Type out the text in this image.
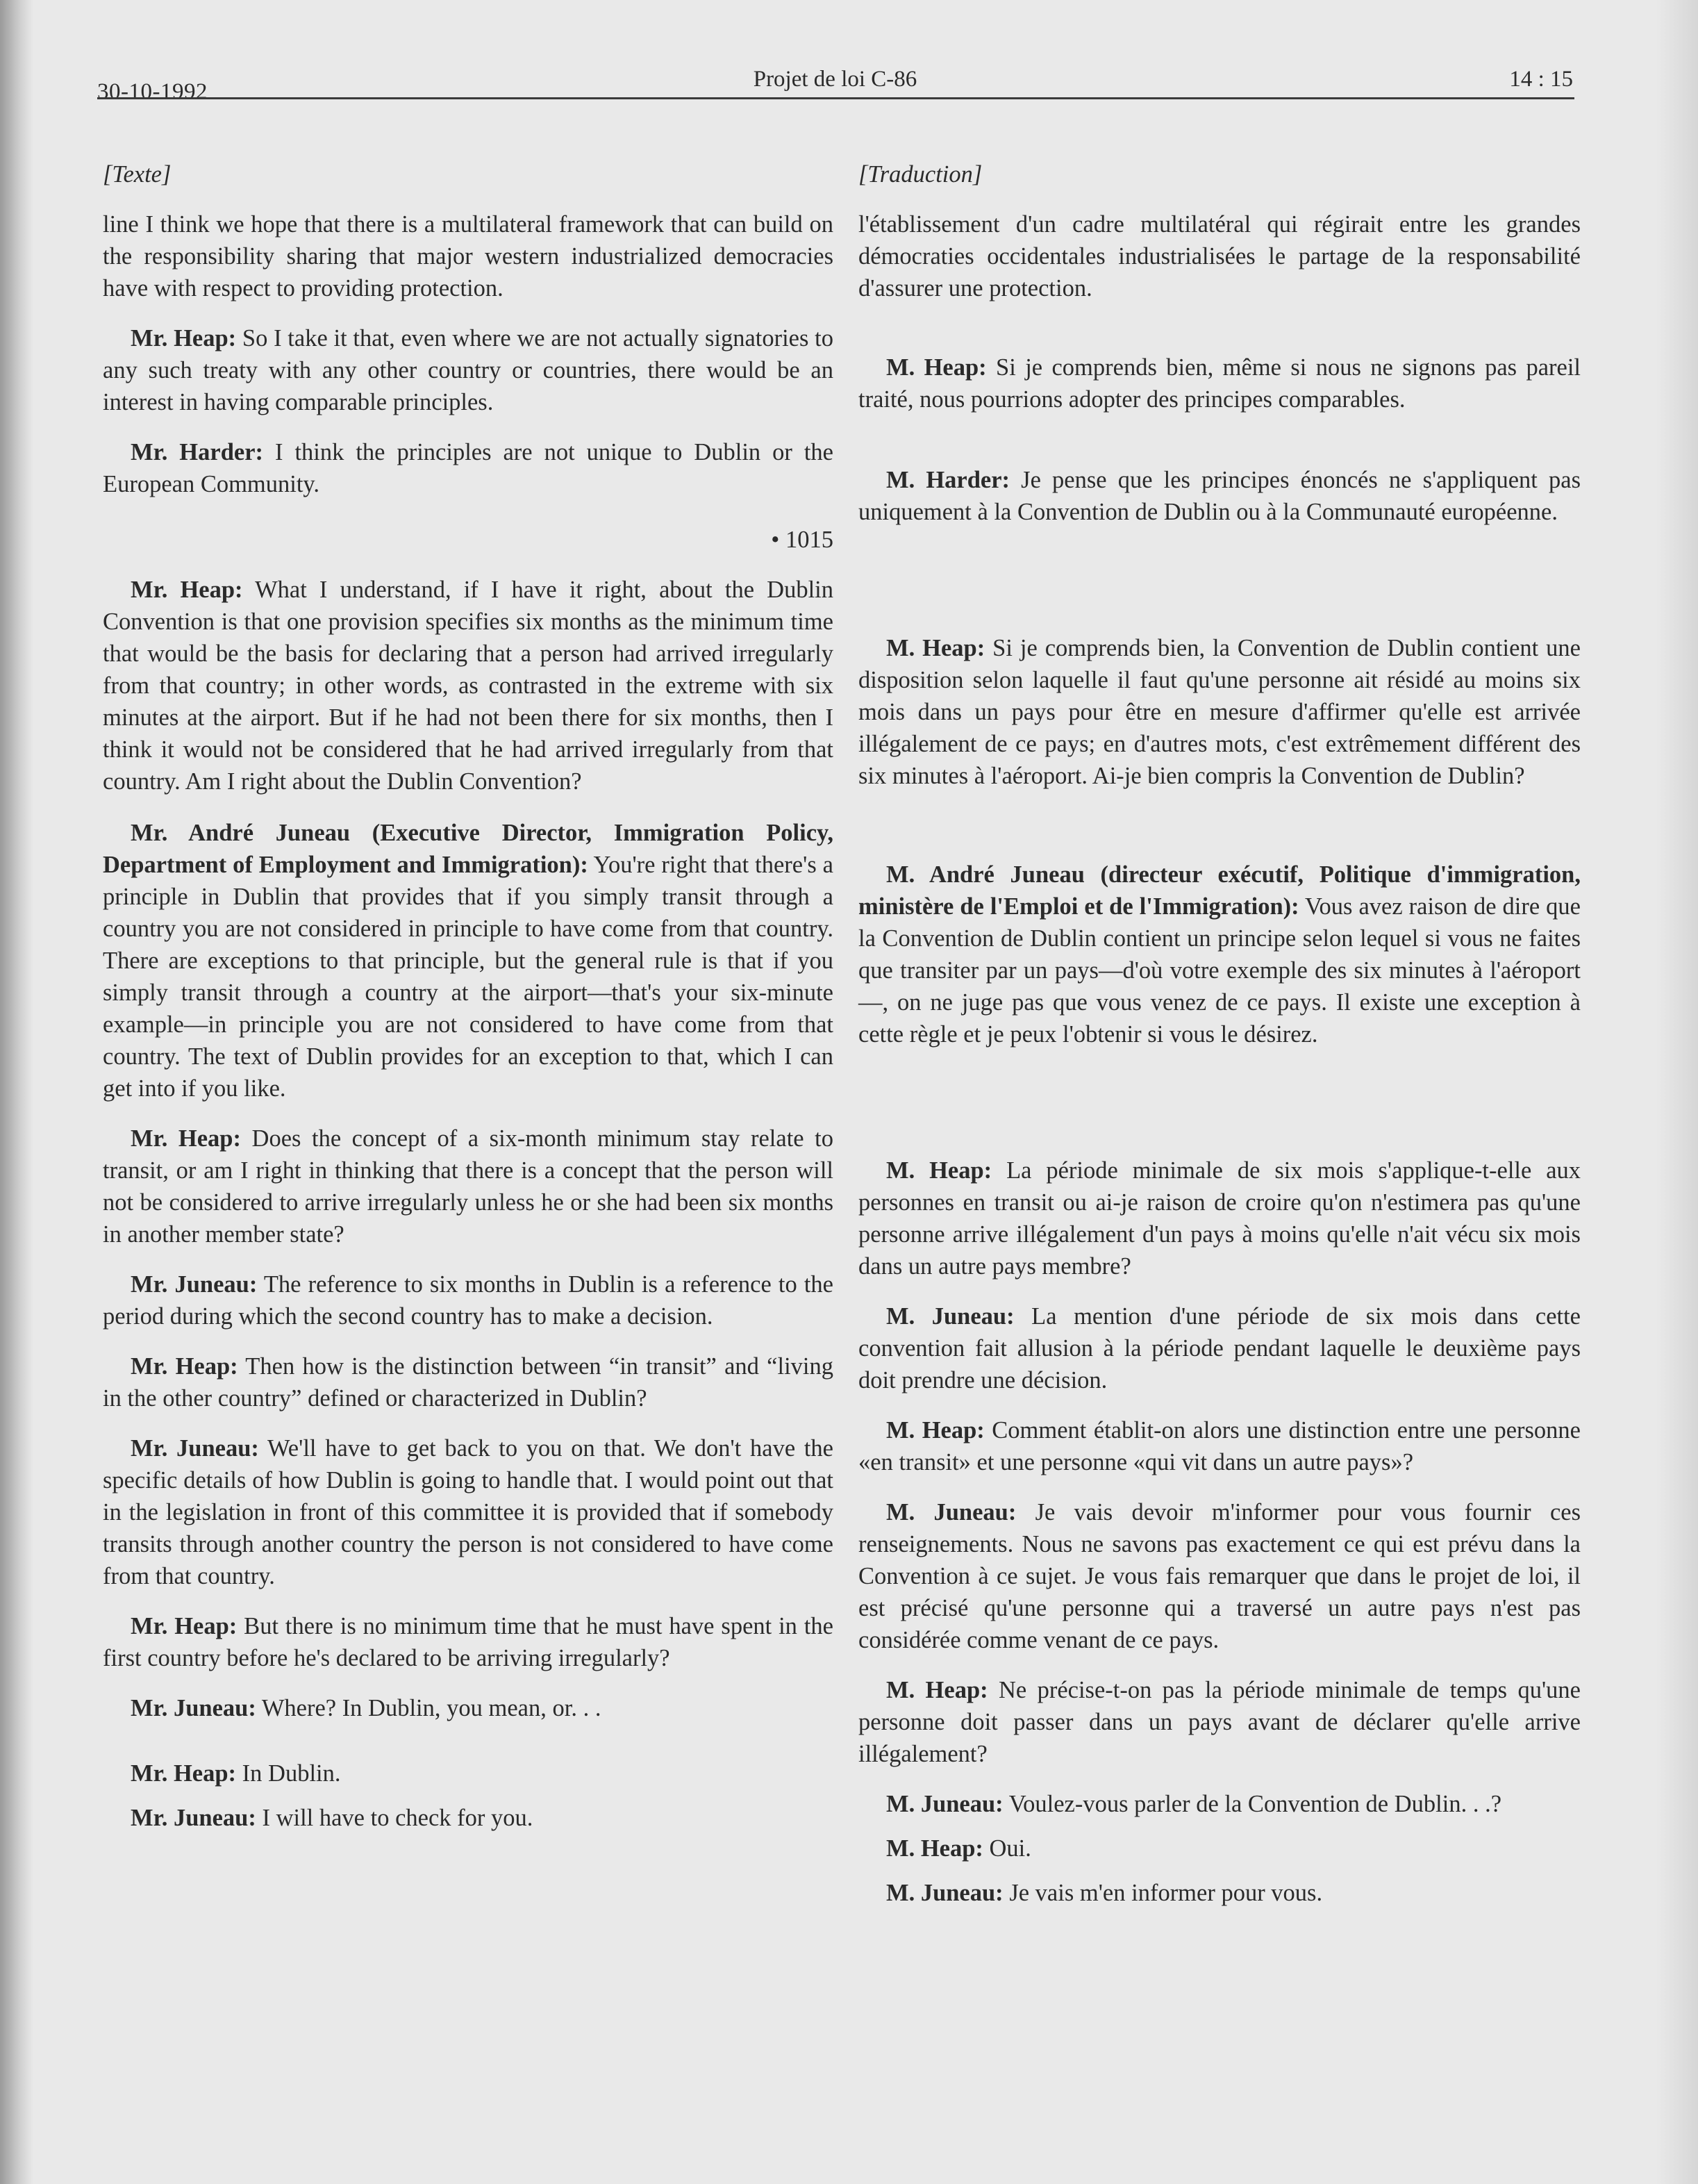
30-10-1992	Projet de loi C-86	14 : 15

[Texte]

line I think we hope that there is a multilateral framework that can build on the responsibility sharing that major western industrialized democracies have with respect to providing protection.

Mr. Heap: So I take it that, even where we are not actually signatories to any such treaty with any other country or countries, there would be an interest in having comparable principles.

Mr. Harder: I think the principles are not unique to Dublin or the European Community.

• 1015

Mr. Heap: What I understand, if I have it right, about the Dublin Convention is that one provision specifies six months as the minimum time that would be the basis for declaring that a person had arrived irregularly from that country; in other words, as contrasted in the extreme with six minutes at the airport. But if he had not been there for six months, then I think it would not be considered that he had arrived irregularly from that country. Am I right about the Dublin Convention?

Mr. André Juneau (Executive Director, Immigration Policy, Department of Employment and Immigration): You're right that there's a principle in Dublin that provides that if you simply transit through a country you are not considered in principle to have come from that country. There are exceptions to that principle, but the general rule is that if you simply transit through a country at the airport—that's your six-minute example—in principle you are not considered to have come from that country. The text of Dublin provides for an exception to that, which I can get into if you like.

Mr. Heap: Does the concept of a six-month minimum stay relate to transit, or am I right in thinking that there is a concept that the person will not be considered to arrive irregularly unless he or she had been six months in another member state?

Mr. Juneau: The reference to six months in Dublin is a reference to the period during which the second country has to make a decision.

Mr. Heap: Then how is the distinction between “in transit” and “living in the other country” defined or characterized in Dublin?

Mr. Juneau: We'll have to get back to you on that. We don't have the specific details of how Dublin is going to handle that. I would point out that in the legislation in front of this committee it is provided that if somebody transits through another country the person is not considered to have come from that country.

Mr. Heap: But there is no minimum time that he must have spent in the first country before he's declared to be arriving irregularly?

Mr. Juneau: Where? In Dublin, you mean, or. . .

Mr. Heap: In Dublin.

Mr. Juneau: I will have to check for you.

[Traduction]

l'établissement d'un cadre multilatéral qui régirait entre les grandes démocraties occidentales industrialisées le partage de la responsabilité d'assurer une protection.

M. Heap: Si je comprends bien, même si nous ne signons pas pareil traité, nous pourrions adopter des principes comparables.

M. Harder: Je pense que les principes énoncés ne s'appliquent pas uniquement à la Convention de Dublin ou à la Communauté européenne.

M. Heap: Si je comprends bien, la Convention de Dublin contient une disposition selon laquelle il faut qu'une personne ait résidé au moins six mois dans un pays pour être en mesure d'affirmer qu'elle est arrivée illégalement de ce pays; en d'autres mots, c'est extrêmement différent des six minutes à l'aéroport. Ai-je bien compris la Convention de Dublin?

M. André Juneau (directeur exécutif, Politique d'immigration, ministère de l'Emploi et de l'Immigration): Vous avez raison de dire que la Convention de Dublin contient un principe selon lequel si vous ne faites que transiter par un pays—d'où votre exemple des six minutes à l'aéroport—, on ne juge pas que vous venez de ce pays. Il existe une exception à cette règle et je peux l'obtenir si vous le désirez.

M. Heap: La période minimale de six mois s'applique-t-elle aux personnes en transit ou ai-je raison de croire qu'on n'estimera pas qu'une personne arrive illégalement d'un pays à moins qu'elle n'ait vécu six mois dans un autre pays membre?

M. Juneau: La mention d'une période de six mois dans cette convention fait allusion à la période pendant laquelle le deuxième pays doit prendre une décision.

M. Heap: Comment établit-on alors une distinction entre une personne «en transit» et une personne «qui vit dans un autre pays»?

M. Juneau: Je vais devoir m'informer pour vous fournir ces renseignements. Nous ne savons pas exactement ce qui est prévu dans la Convention à ce sujet. Je vous fais remarquer que dans le projet de loi, il est précisé qu'une personne qui a traversé un autre pays n'est pas considérée comme venant de ce pays.

M. Heap: Ne précise-t-on pas la période minimale de temps qu'une personne doit passer dans un pays avant de déclarer qu'elle arrive illégalement?

M. Juneau: Voulez-vous parler de la Convention de Dublin. . .?

M. Heap: Oui.

M. Juneau: Je vais m'en informer pour vous.
